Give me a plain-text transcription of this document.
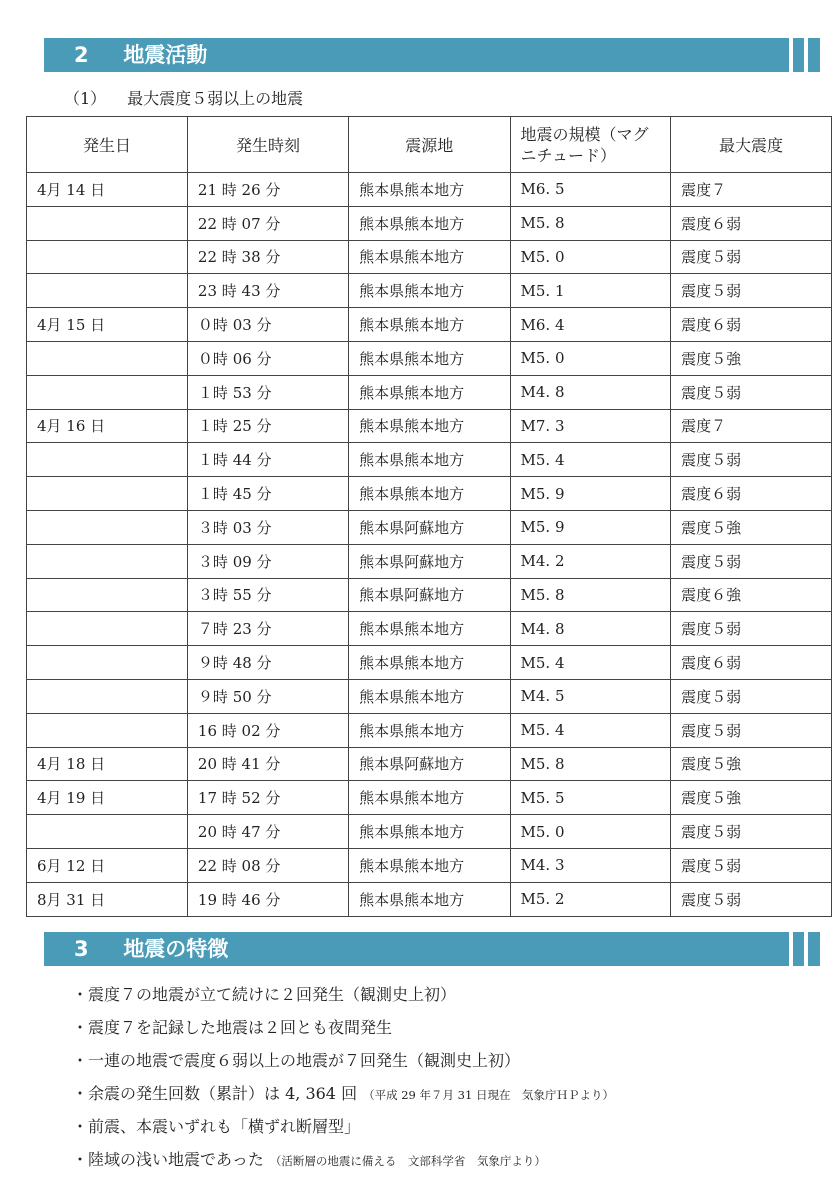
2 地震活動
（1） 最大震度５弱以上の地震
発生日	発生時刻	震源地	地震の規模（マグニチュード）	最大震度
4月 14 日	21 時 26 分	熊本県熊本地方	M6. 5	震度７
	22 時 07 分	熊本県熊本地方	M5. 8	震度６弱
	22 時 38 分	熊本県熊本地方	M5. 0	震度５弱
	23 時 43 分	熊本県熊本地方	M5. 1	震度５弱
4月 15 日	０時 03 分	熊本県熊本地方	M6. 4	震度６弱
	０時 06 分	熊本県熊本地方	M5. 0	震度５強
	１時 53 分	熊本県熊本地方	M4. 8	震度５弱
4月 16 日	１時 25 分	熊本県熊本地方	M7. 3	震度７
	１時 44 分	熊本県熊本地方	M5. 4	震度５弱
	１時 45 分	熊本県熊本地方	M5. 9	震度６弱
	３時 03 分	熊本県阿蘇地方	M5. 9	震度５強
	３時 09 分	熊本県阿蘇地方	M4. 2	震度５弱
	３時 55 分	熊本県阿蘇地方	M5. 8	震度６強
	７時 23 分	熊本県熊本地方	M4. 8	震度５弱
	９時 48 分	熊本県熊本地方	M5. 4	震度６弱
	９時 50 分	熊本県熊本地方	M4. 5	震度５弱
	16 時 02 分	熊本県熊本地方	M5. 4	震度５弱
4月 18 日	20 時 41 分	熊本県阿蘇地方	M5. 8	震度５強
4月 19 日	17 時 52 分	熊本県熊本地方	M5. 5	震度５強
	20 時 47 分	熊本県熊本地方	M5. 0	震度５弱
6月 12 日	22 時 08 分	熊本県熊本地方	M4. 3	震度５弱
8月 31 日	19 時 46 分	熊本県熊本地方	M5. 2	震度５弱
3 地震の特徴
・震度７の地震が立て続けに２回発生（観測史上初）
・震度７を記録した地震は２回とも夜間発生
・一連の地震で震度６弱以上の地震が７回発生（観測史上初）
・余震の発生回数（累計）は 4, 364 回 （平成 29 年７月 31 日現在　気象庁ＨＰより）
・前震、本震いずれも「横ずれ断層型」
・陸域の浅い地震であった （活断層の地震に備える　文部科学省　気象庁より）
